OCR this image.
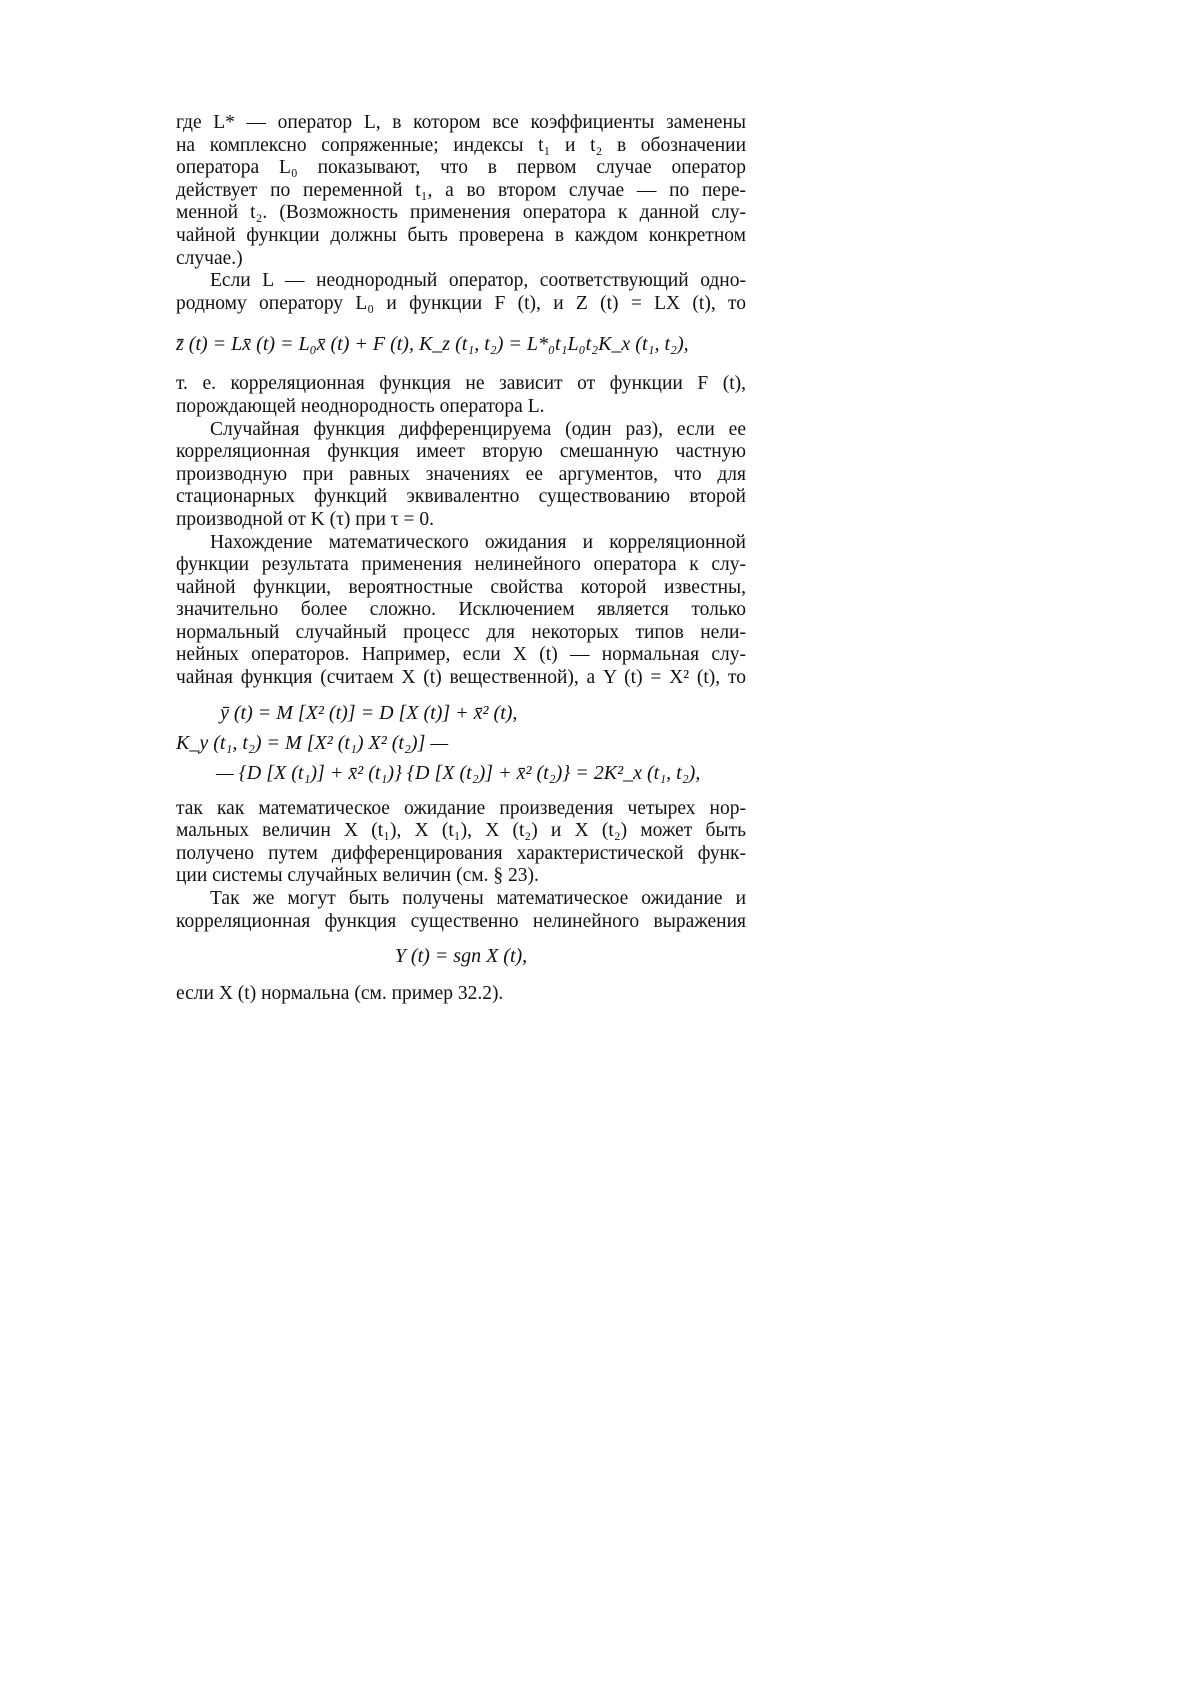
где L* — оператор L, в котором все коэффициенты заменены
на комплексно сопряженные; индексы t₁ и t₂ в обозначении
оператора L₀ показывают, что в первом случае оператор
действует по переменной t₁, а во втором случае — по пере-
менной t₂. (Возможность применения оператора к данной слу-
чайной функции должны быть проверена в каждом конкретном
случае.)
Если L — неоднородный оператор, соответствующий одно-
родному оператору L₀ и функции F (t), и Z (t) = LX (t), то
z̄ (t) = Lx̄ (t) = L₀x̄ (t) + F (t), K_z (t₁, t₂) = L*₀t₁L₀t₂K_x (t₁, t₂),
т. е. корреляционная функция не зависит от функции F (t),
порождающей неоднородность оператора L.
Случайная функция дифференцируема (один раз), если ее
корреляционная функция имеет вторую смешанную частную
производную при равных значениях ее аргументов, что для
стационарных функций эквивалентно существованию второй
производной от K (τ) при τ = 0.
Нахождение математического ожидания и корреляционной
функции результата применения нелинейного оператора к слу-
чайной функции, вероятностные свойства которой известны,
значительно более сложно. Исключением является только
нормальный случайный процесс для некоторых типов нели-
нейных операторов. Например, если X (t) — нормальная слу-
чайная функция (считаем X (t) вещественной), а Y (t) = X² (t), то
ȳ (t) = M [X² (t)] = D [X (t)] + x̄² (t),
K_y (t₁, t₂) = M [X² (t₁) X² (t₂)] —
— {D [X (t₁)] + x̄² (t₁)} {D [X (t₂)] + x̄² (t₂)} = 2K²_x (t₁, t₂),
так как математическое ожидание произведения четырех нор-
мальных величин X (t₁), X (t₁), X (t₂) и X (t₂) может быть
получено путем дифференцирования характеристической функ-
ции системы случайных величин (см. § 23).
Так же могут быть получены математическое ожидание и
корреляционная функция существенно нелинейного выражения
Y (t) = sgn X (t),
если X (t) нормальна (см. пример 32.2).
